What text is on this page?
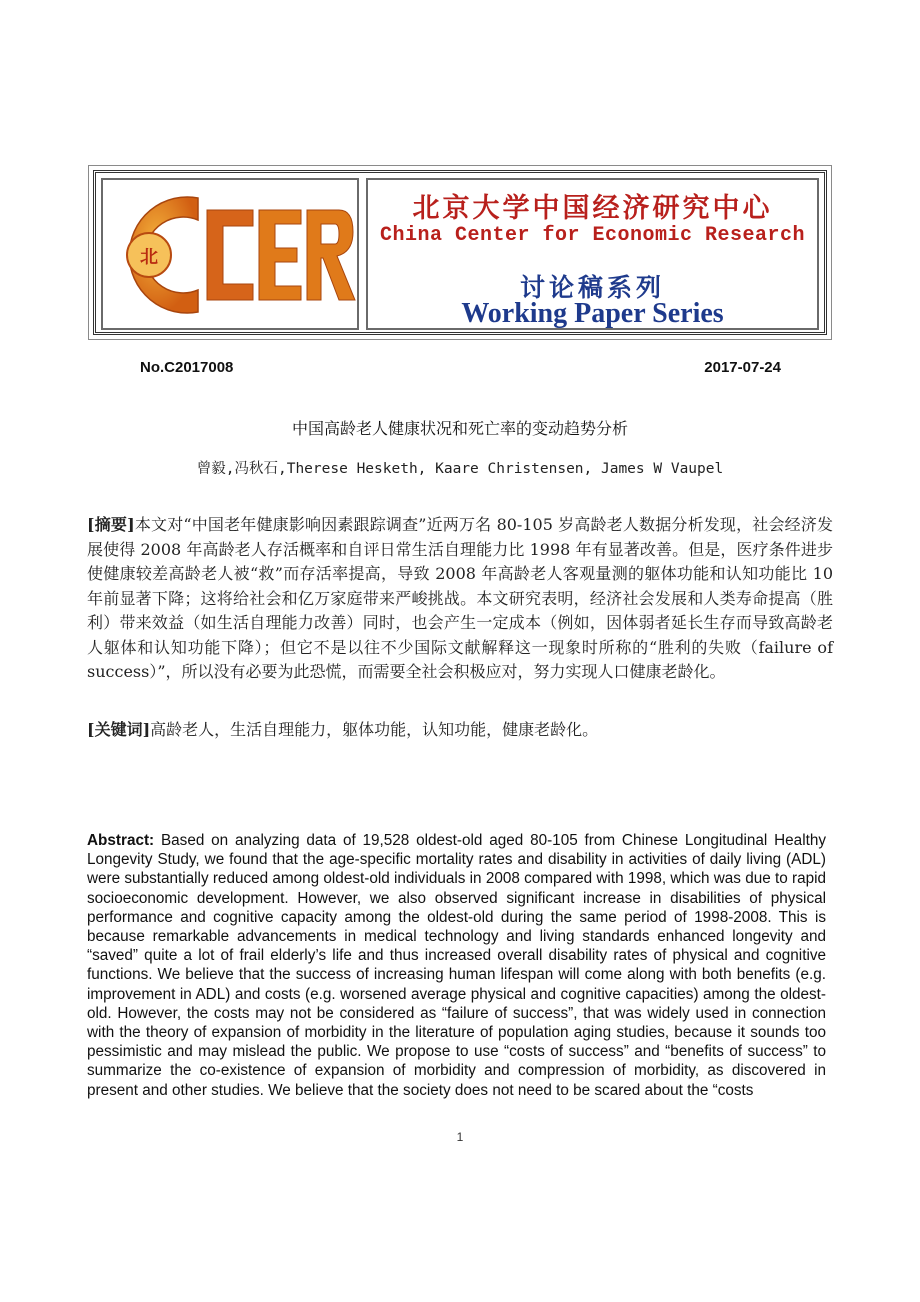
北
北京大学中国经济研究中心
China Center for Economic Research
讨论稿系列
Working Paper Series
No.C2017008	2017-07-24
中国高龄老人健康状况和死亡率的变动趋势分析
曾毅,冯秋石,Therese Hesketh, Kaare Christensen, James W Vaupel
[摘要]本文对“中国老年健康影响因素跟踪调查”近两万名 80-105 岁高龄老人数据分析发现，社会经济发展使得 2008 年高龄老人存活概率和自评日常生活自理能力比 1998 年有显著改善。但是，医疗条件进步使健康较差高龄老人被“救”而存活率提高，导致 2008 年高龄老人客观量测的躯体功能和认知功能比 10 年前显著下降；这将给社会和亿万家庭带来严峻挑战。本文研究表明，经济社会发展和人类寿命提高（胜利）带来效益（如生活自理能力改善）同时，也会产生一定成本（例如，因体弱者延长生存而导致高龄老人躯体和认知功能下降）；但它不是以往不少国际文献解释这一现象时所称的“胜利的失败（failure of success）”，所以没有必要为此恐慌，而需要全社会积极应对，努力实现人口健康老龄化。
[关键词]高龄老人，生活自理能力，躯体功能，认知功能，健康老龄化。
Abstract: Based on analyzing data of 19,528 oldest-old aged 80-105 from Chinese Longitudinal Healthy Longevity Study, we found that the age-specific mortality rates and disability in activities of daily living (ADL) were substantially reduced among oldest-old individuals in 2008 compared with 1998, which was due to rapid socioeconomic development. However, we also observed significant increase in disabilities of physical performance and cognitive capacity among the oldest-old during the same period of 1998-2008. This is because remarkable advancements in medical technology and living standards enhanced longevity and “saved” quite a lot of frail elderly’s life and thus increased overall disability rates of physical and cognitive functions. We believe that the success of increasing human lifespan will come along with both benefits (e.g. improvement in ADL) and costs (e.g. worsened average physical and cognitive capacities) among the oldest-old. However, the costs may not be considered as “failure of success”, that was widely used in connection with the theory of expansion of morbidity in the literature of population aging studies, because it sounds too pessimistic and may mislead the public. We propose to use “costs of success” and “benefits of success” to summarize the co-existence of expansion of morbidity and compression of morbidity, as discovered in present and other studies. We believe that the society does not need to be scared about the “costs
1
